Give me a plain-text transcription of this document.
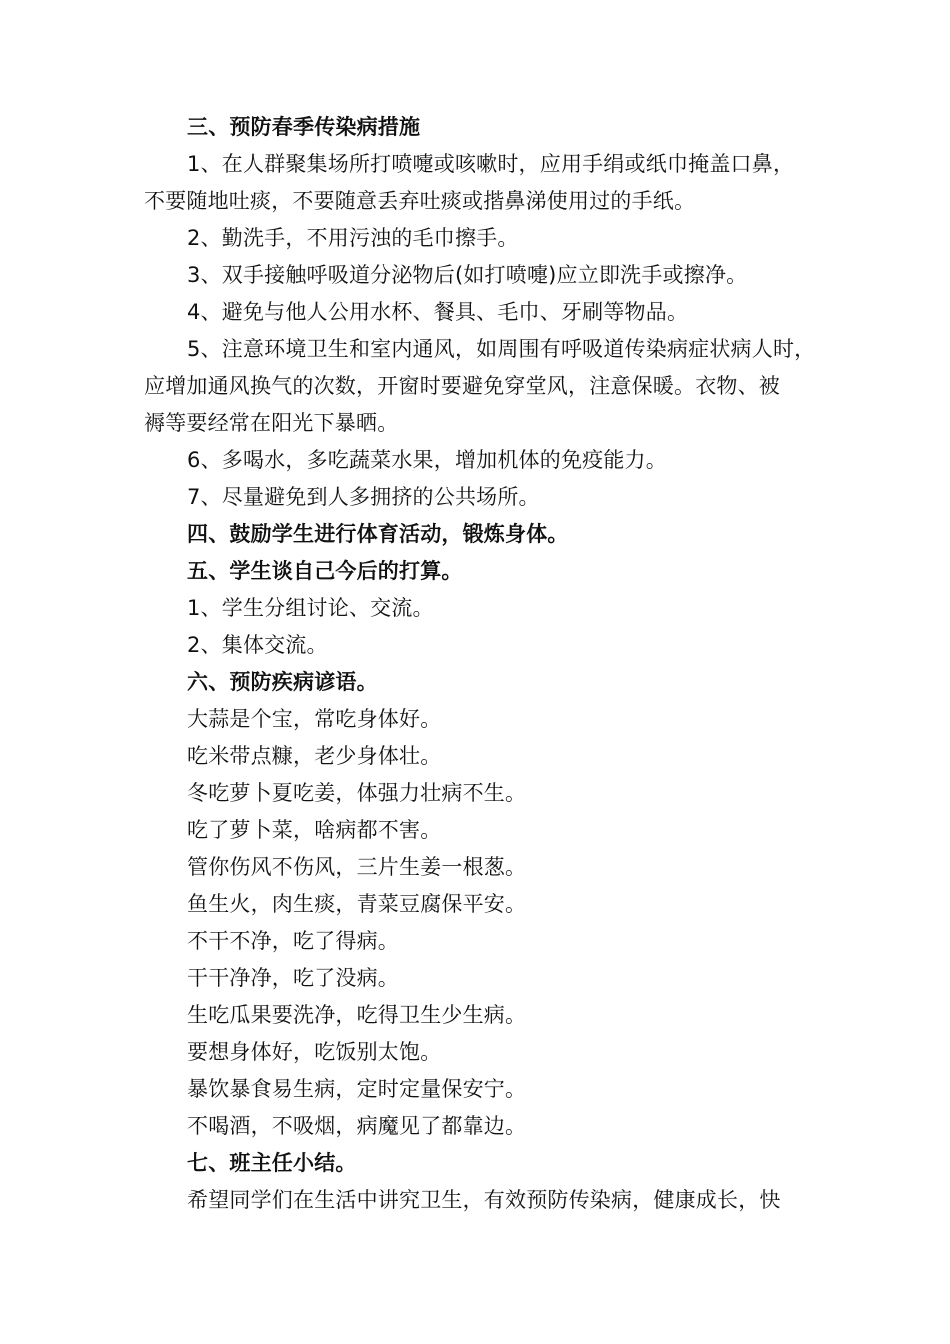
三、预防春季传染病措施
1、在人群聚集场所打喷嚏或咳嗽时，应用手绢或纸巾掩盖口鼻，
不要随地吐痰，不要随意丢弃吐痰或揩鼻涕使用过的手纸。
2、勤洗手，不用污浊的毛巾擦手。
3、双手接触呼吸道分泌物后(如打喷嚏)应立即洗手或擦净。
4、避免与他人公用水杯、餐具、毛巾、牙刷等物品。
5、注意环境卫生和室内通风，如周围有呼吸道传染病症状病人时，
应增加通风换气的次数，开窗时要避免穿堂风，注意保暖。衣物、被
褥等要经常在阳光下暴晒。
6、多喝水，多吃蔬菜水果，增加机体的免疫能力。
7、尽量避免到人多拥挤的公共场所。
四、鼓励学生进行体育活动，锻炼身体。
五、学生谈自己今后的打算。
1、学生分组讨论、交流。
2、集体交流。
六、预防疾病谚语。
大蒜是个宝，常吃身体好。
吃米带点糠，老少身体壮。
冬吃萝卜夏吃姜，体强力壮病不生。
吃了萝卜菜，啥病都不害。
管你伤风不伤风，三片生姜一根葱。
鱼生火，肉生痰，青菜豆腐保平安。
不干不净，吃了得病。
干干净净，吃了没病。
生吃瓜果要洗净，吃得卫生少生病。
要想身体好，吃饭别太饱。
暴饮暴食易生病，定时定量保安宁。
不喝酒，不吸烟，病魔见了都靠边。
七、班主任小结。
希望同学们在生活中讲究卫生，有效预防传染病，健康成长，快
